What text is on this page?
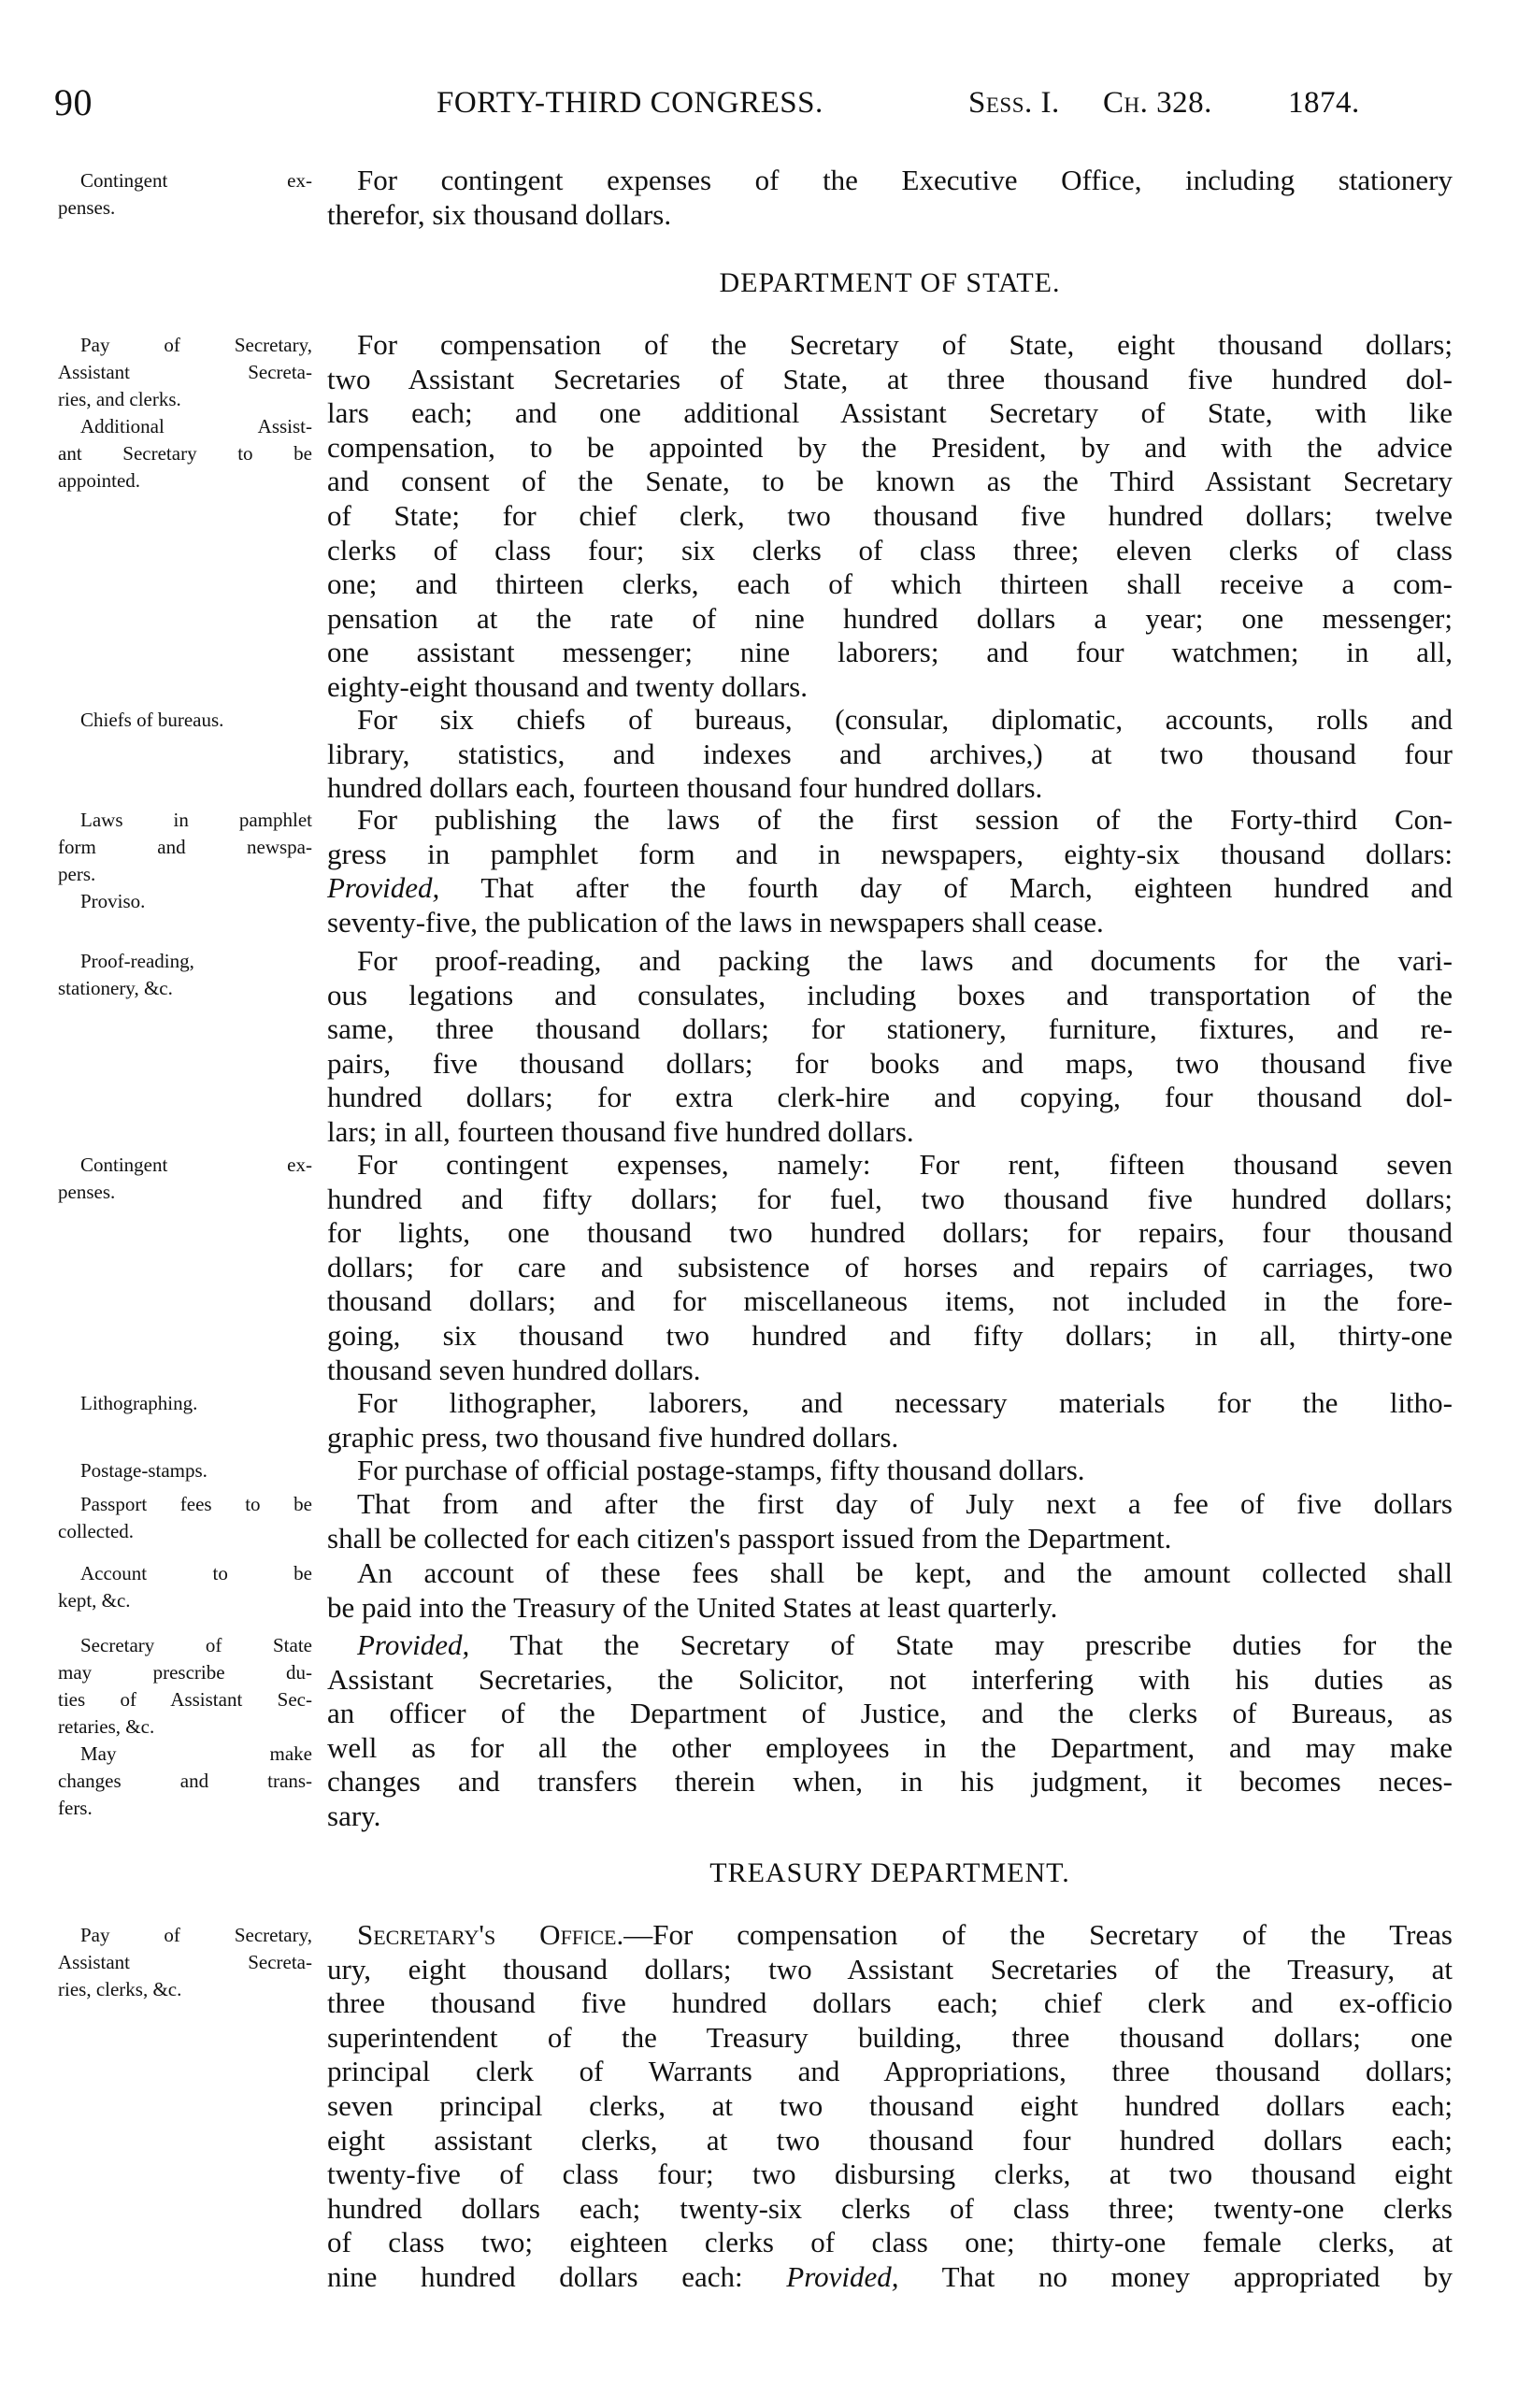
90	FORTY-THIRD CONGRESS.	Sess. I. Ch. 328. 1874.
DEPARTMENT OF STATE.
TREASURY DEPARTMENT.
Contingent ex-
penses.
For contingent expenses of the Executive Office, including stationery
therefor, six thousand dollars.
Pay of Secretary,
Assistant Secreta-
ries, and clerks.
Additional Assist-
ant Secretary to be
appointed.
For compensation of the Secretary of State, eight thousand dollars;
two Assistant Secretaries of State, at three thousand five hundred dol-
lars each; and one additional Assistant Secretary of State, with like
compensation, to be appointed by the President, by and with the advice
and consent of the Senate, to be known as the Third Assistant Secretary
of State; for chief clerk, two thousand five hundred dollars; twelve
clerks of class four; six clerks of class three; eleven clerks of class
one; and thirteen clerks, each of which thirteen shall receive a com-
pensation at the rate of nine hundred dollars a year; one messenger;
one assistant messenger; nine laborers; and four watchmen; in all,
eighty-eight thousand and twenty dollars.
Chiefs of bureaus.	For six chiefs of bureaus, (consular, diplomatic, accounts, rolls and
library, statistics, and indexes and archives,) at two thousand four
hundred dollars each, fourteen thousand four hundred dollars.
Laws in pamphlet
form and newspa-
pers.
Proviso.
For publishing the laws of the first session of the Forty-third Con-
gress in pamphlet form and in newspapers, eighty-six thousand dollars:
Provided, That after the fourth day of March, eighteen hundred and
seventy-five, the publication of the laws in newspapers shall cease.
Proof-reading,
stationery, &c.
For proof-reading, and packing the laws and documents for the vari-
ous legations and consulates, including boxes and transportation of the
same, three thousand dollars; for stationery, furniture, fixtures, and re-
pairs, five thousand dollars; for books and maps, two thousand five
hundred dollars; for extra clerk-hire and copying, four thousand dol-
lars; in all, fourteen thousand five hundred dollars.
Contingent ex-
penses.
For contingent expenses, namely: For rent, fifteen thousand seven
hundred and fifty dollars; for fuel, two thousand five hundred dollars;
for lights, one thousand two hundred dollars; for repairs, four thousand
dollars; for care and subsistence of horses and repairs of carriages, two
thousand dollars; and for miscellaneous items, not included in the fore-
going, six thousand two hundred and fifty dollars; in all, thirty-one
thousand seven hundred dollars.
Lithographing.	For lithographer, laborers, and necessary materials for the litho-
graphic press, two thousand five hundred dollars.
Postage-stamps.	For purchase of official postage-stamps, fifty thousand dollars.
Passport fees to be
collected.
That from and after the first day of July next a fee of five dollars
shall be collected for each citizen's passport issued from the Department.
Account to be
kept, &c.
An account of these fees shall be kept, and the amount collected shall
be paid into the Treasury of the United States at least quarterly.
Secretary of State
may prescribe du-
ties of Assistant Sec-
retaries, &c.
May make
changes and trans-
fers.
Provided, That the Secretary of State may prescribe duties for the
Assistant Secretaries, the Solicitor, not interfering with his duties as
an officer of the Department of Justice, and the clerks of Bureaus, as
well as for all the other employees in the Department, and may make
changes and transfers therein when, in his judgment, it becomes neces-
sary.
Pay of Secretary,
Assistant Secreta-
ries, clerks, &c.
Secretary's Office.—For compensation of the Secretary of the Treas
ury, eight thousand dollars; two Assistant Secretaries of the Treasury, at
three thousand five hundred dollars each; chief clerk and ex-officio
superintendent of the Treasury building, three thousand dollars; one
principal clerk of Warrants and Appropriations, three thousand dollars;
seven principal clerks, at two thousand eight hundred dollars each;
eight assistant clerks, at two thousand four hundred dollars each;
twenty-five of class four; two disbursing clerks, at two thousand eight
hundred dollars each; twenty-six clerks of class three; twenty-one clerks
of class two; eighteen clerks of class one; thirty-one female clerks, at
nine hundred dollars each: Provided, That no money appropriated by
